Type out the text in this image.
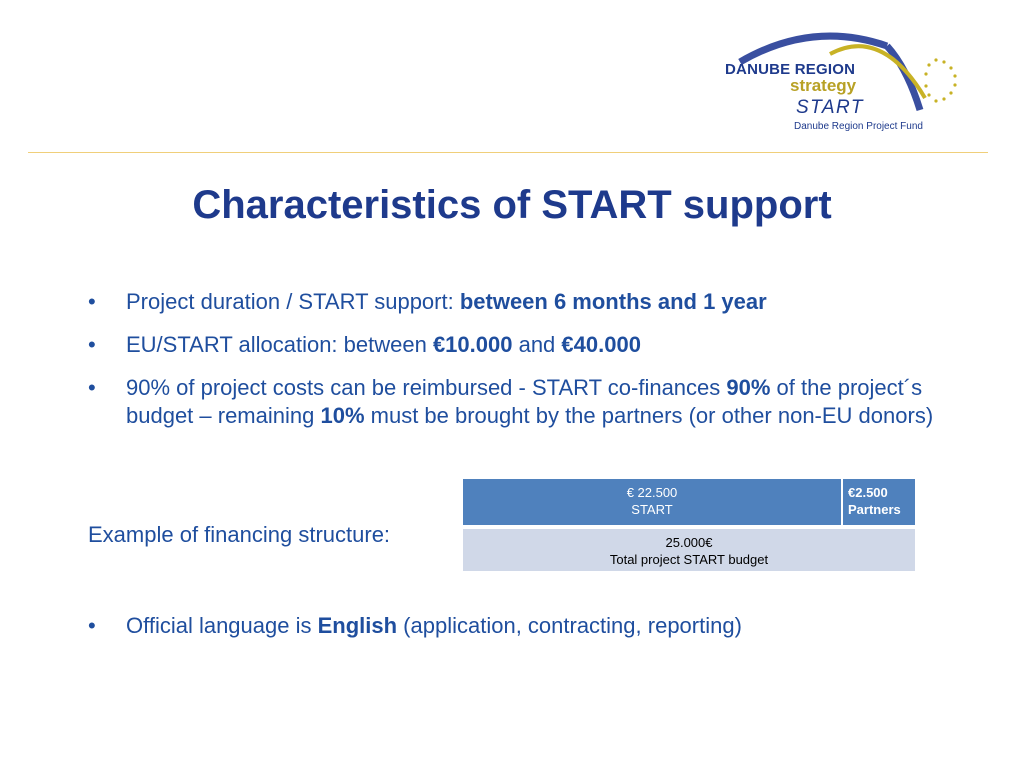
DANUBE REGION
strategy
START
Danube Region Project Fund
Characteristics of START support
• Project duration / START support: between 6 months and 1 year
• EU/START allocation: between €10.000 and €40.000
• 90% of project costs can be reimbursed - START co-finances 90% of the project´s budget – remaining 10% must be brought by the partners (or other non-EU donors)
Example of financing structure:
€ 22.500
START
€2.500
Partners
25.000€
Total project START budget
• Official language is English (application, contracting, reporting)
